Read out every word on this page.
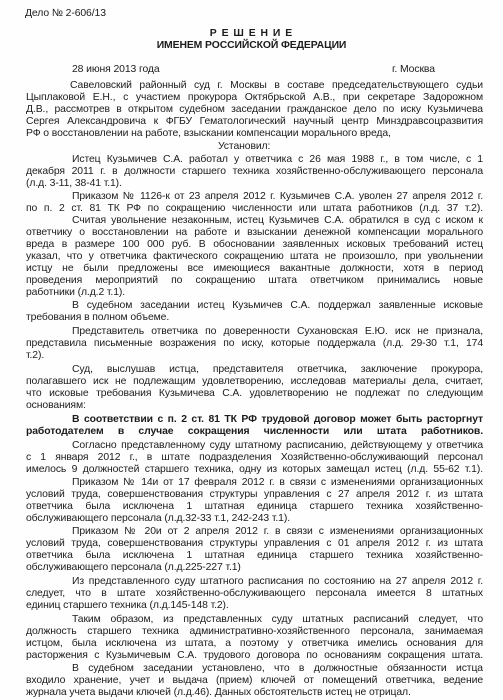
Дело № 2-606/13
Р Е Ш Е Н И Е
ИМЕНЕМ РОССИЙСКОЙ ФЕДЕРАЦИИ
28 июня 2013 года	г. Москва
Савеловский районный суд г. Москвы в составе председательствующего судьи
Цыплаковой Е.Н., с участием прокурора Октябрьской А.В., при секретаре Задорожном
Д.В., рассмотрев в открытом судебном заседании гражданское дело по иску Кузьмичева
Сергея Александровича к ФГБУ Гематологический научный центр Минздравсоцразвития
РФ о восстановлении на работе, взыскании компенсации морального вреда,
Установил:
Истец Кузьмичев С.А. работал у ответчика с 26 мая 1988 г., в том числе, с 1
декабря 2011 г. в должности старшего техника хозяйственно-обслуживающего персонала
(л.д. 3-11, 38-41 т.1).
Приказом № 1126-к от 23 апреля 2012 г. Кузьмичев С.А. уволен 27 апреля 2012 г.
по п. 2 ст. 81 ТК РФ по сокращению численности или штата работников (л.д. 37 т.2).
Считая увольнение незаконным, истец Кузьмичев С.А. обратился в суд с иском к
ответчику о восстановлении на работе и взыскании денежной компенсации морального
вреда в размере 100 000 руб. В обосновании заявленных исковых требований истец
указал, что у ответчика фактического сокращению штата не произошло, при увольнении
истцу не были предложены все имеющиеся вакантные должности, хотя в период
проведения мероприятий по сокращению штата ответчиком принимались новые
работники (л.д.2 т.1).
В судебном заседании истец Кузьмичев С.А. поддержал заявленные исковые
требования в полном объеме.
Представитель ответчика по доверенности Сухановская Е.Ю. иск не признала,
представила письменные возражения по иску, которые поддержала (л.д. 29-30 т.1, 174
т.2).
Суд, выслушав истца, представителя ответчика, заключение прокурора,
полагавшего иск не подлежащим удовлетворению, исследовав материалы дела, считает,
что исковые требования Кузьмичева С.А. удовлетворению не подлежат по следующим
основаниям:
В соответствии с п. 2 ст. 81 ТК РФ трудовой договор может быть расторгнут
работодателем в случае сокращения численности или штата работников.
Согласно представленному суду штатному расписанию, действующему у ответчика
с 1 января 2012 г., в штате подразделения Хозяйственно-обслуживающий персонал
имелось 9 должностей старшего техника, одну из которых замещал истец (л.д. 55-62 т.1).
Приказом № 14и от 17 февраля 2012 г. в связи с изменениями организационных
условий труда, совершенствования структуры управления с 27 апреля 2012 г. из штата
ответчика была исключена 1 штатная единица старшего техника хозяйственно-
обслуживающего персонала (л.д.32-33 т.1, 242-243 т.1).
Приказом № 20и от 2 апреля 2012 г. в связи с изменениями организационных
условий труда, совершенствования структуры управления с 01 апреля 2012 г. из штата
ответчика была исключена 1 штатная единица старшего техника хозяйственно-
обслуживающего персонала (л.д.225-227 т.1)
Из представленного суду штатного расписания по состоянию на 27 апреля 2012 г.
следует, что в штате хозяйственно-обслуживающего персонала имеется 8 штатных
единиц старшего техника (л.д.145-148 т.2).
Таким образом, из представленных суду штатных расписаний следует, что
должность старшего техника административно-хозяйственного персонала, занимаемая
истцом, была исключена из штата, а поэтому у ответчика имелись основания для
расторжения с Кузьмичевым С.А. трудового договора по основаниям сокращения штата.
В судебном заседании установлено, что в должностные обязанности истца
входило хранение, учет и выдача (прием) ключей от помещений ответчика, ведение
журнала учета выдачи ключей (л.д.46). Данных обстоятельств истец не отрицал.
